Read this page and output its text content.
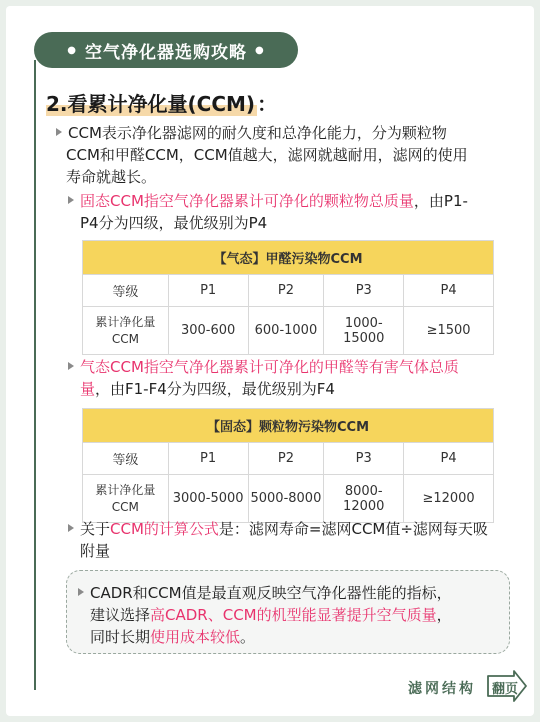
● 空气净化器选购攻略 ●
2.看累计净化量(CCM) ：
CCM表示净化器滤网的耐久度和总净化能力，分为颗粒物
CCM和甲醛CCM，CCM值越大，滤网就越耐用，滤网的使用
寿命就越长。
固态CCM指空气净化器累计可净化的颗粒物总质量，由P1-
P4分为四级，最优级别为P4
【气态】甲醛污染物CCM				
等级	P1	P2	P3	P4

累计净化量
CCM	300-600	600-1000	1000-15000	≥1500
气态CCM指空气净化器累计可净化的甲醛等有害气体总质
量，由F1-F4分为四级，最优级别为F4
【固态】颗粒物污染物CCM				
等级	P1	P2	P3	P4

累计净化量
CCM	3000-5000	5000-8000	8000-12000	≥12000
关于CCM的计算公式是：滤网寿命=滤网CCM值÷滤网每天吸
附量
CADR和CCM值是最直观反映空气净化器性能的指标，
建议选择高CADR、CCM的机型能显著提升空气质量，
同时长期使用成本较低。
滤网结构	翻页
